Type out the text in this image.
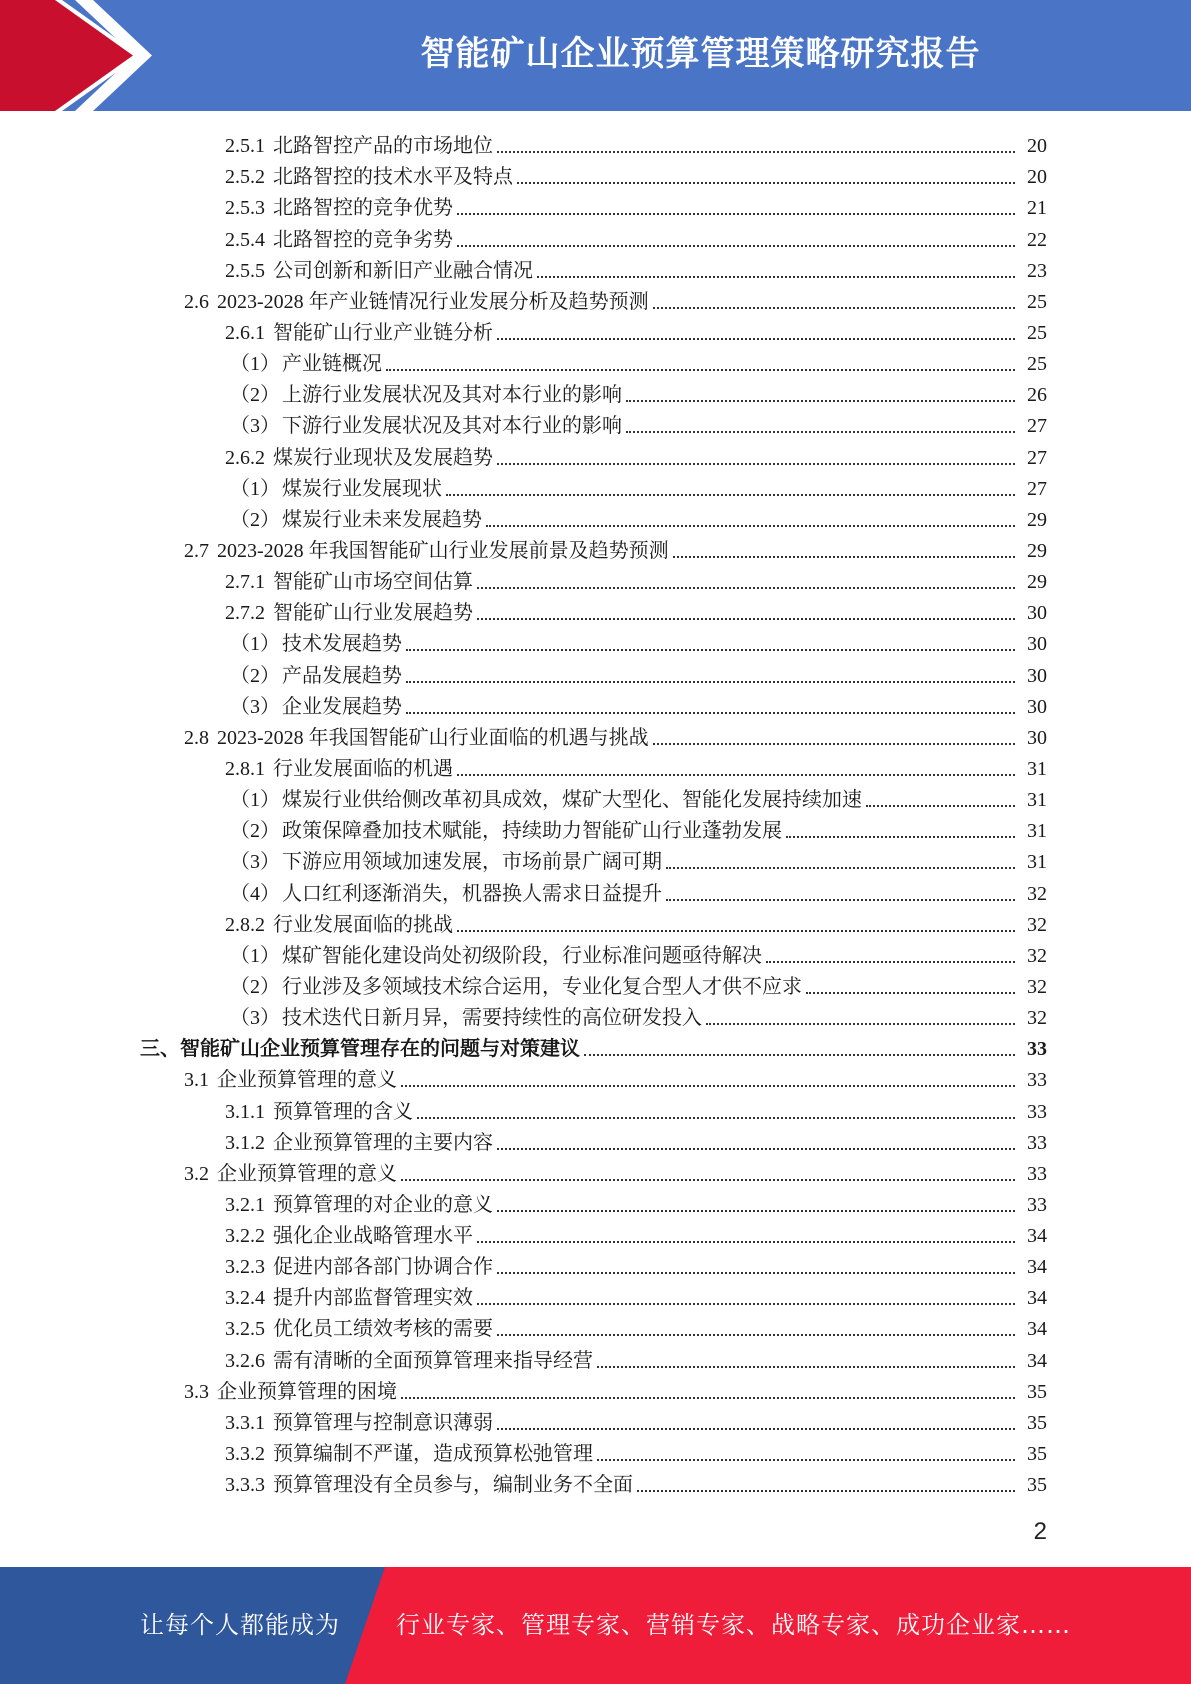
智能矿山企业预算管理策略研究报告
2.5.1 北路智控产品的市场地位	20
2.5.2 北路智控的技术水平及特点	20
2.5.3 北路智控的竞争优势	21
2.5.4 北路智控的竞争劣势	22
2.5.5 公司创新和新旧产业融合情况	23
2.6 2023-2028 年产业链情况行业发展分析及趋势预测	25
2.6.1 智能矿山行业产业链分析	25
（1） 产业链概况	25
（2） 上游行业发展状况及其对本行业的影响	26
（3） 下游行业发展状况及其对本行业的影响	27
2.6.2 煤炭行业现状及发展趋势	27
（1） 煤炭行业发展现状	27
（2） 煤炭行业未来发展趋势	29
2.7 2023-2028 年我国智能矿山行业发展前景及趋势预测	29
2.7.1 智能矿山市场空间估算	29
2.7.2 智能矿山行业发展趋势	30
（1） 技术发展趋势	30
（2） 产品发展趋势	30
（3） 企业发展趋势	30
2.8 2023-2028 年我国智能矿山行业面临的机遇与挑战	30
2.8.1 行业发展面临的机遇	31
（1） 煤炭行业供给侧改革初具成效，煤矿大型化、智能化发展持续加速	31
（2） 政策保障叠加技术赋能，持续助力智能矿山行业蓬勃发展	31
（3） 下游应用领域加速发展，市场前景广阔可期	31
（4） 人口红利逐渐消失，机器换人需求日益提升	32
2.8.2 行业发展面临的挑战	32
（1） 煤矿智能化建设尚处初级阶段，行业标准问题亟待解决	32
（2） 行业涉及多领域技术综合运用，专业化复合型人才供不应求	32
（3） 技术迭代日新月异，需要持续性的高位研发投入	32
三、 智能矿山企业预算管理存在的问题与对策建议	33
3.1 企业预算管理的意义	33
3.1.1 预算管理的含义	33
3.1.2 企业预算管理的主要内容	33
3.2 企业预算管理的意义	33
3.2.1 预算管理的对企业的意义	33
3.2.2 强化企业战略管理水平	34
3.2.3 促进内部各部门协调合作	34
3.2.4 提升内部监督管理实效	34
3.2.5 优化员工绩效考核的需要	34
3.2.6 需有清晰的全面预算管理来指导经营	34
3.3 企业预算管理的困境	35
3.3.1 预算管理与控制意识薄弱	35
3.3.2 预算编制不严谨，造成预算松弛管理	35
3.3.3 预算管理没有全员参与，编制业务不全面	35
2
让每个人都能成为 行业专家、管理专家、营销专家、战略专家、成功企业家……
